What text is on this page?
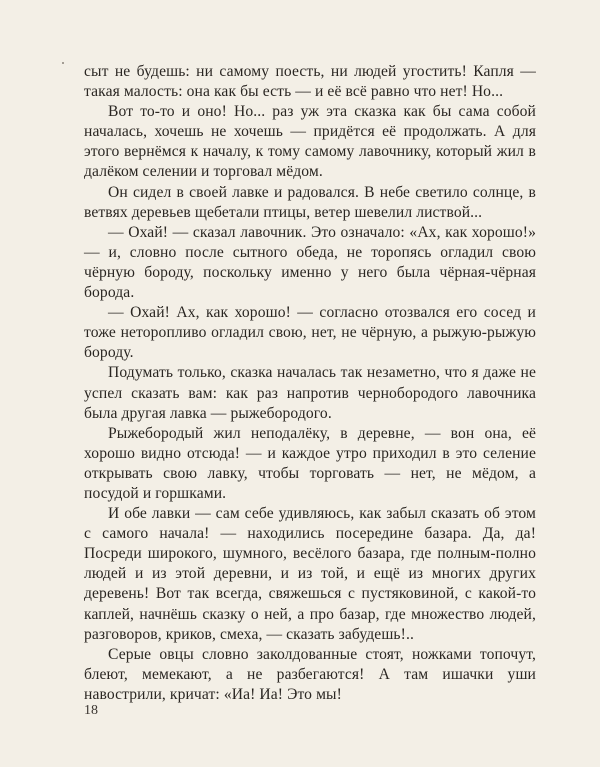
сыт не будешь: ни самому поесть, ни людей угостить! Капля — такая малость: она как бы есть — и её всё равно что нет! Но...

Вот то-то и оно! Но... раз уж эта сказка как бы сама собой началась, хочешь не хочешь — придётся её продолжать. А для этого вернёмся к началу, к тому самому лавочнику, который жил в далёком селении и торговал мёдом.

Он сидел в своей лавке и радовался. В небе светило солнце, в ветвях деревьев щебетали птицы, ветер шевелил листвой...

— Охай! — сказал лавочник. Это означало: «Ах, как хорошо!» — и, словно после сытного обеда, не торопясь огладил свою чёрную бороду, поскольку именно у него была чёрная-чёрная борода.

— Охай! Ах, как хорошо! — согласно отозвался его сосед и тоже неторопливо огладил свою, нет, не чёрную, а рыжую-рыжую бороду.

Подумать только, сказка началась так незаметно, что я даже не успел сказать вам: как раз напротив чернобородого лавочника была другая лавка — рыжебородого.

Рыжебородый жил неподалёку, в деревне, — вон она, её хорошо видно отсюда! — и каждое утро приходил в это селение открывать свою лавку, чтобы торговать — нет, не мёдом, а посудой и горшками.

И обе лавки — сам себе удивляюсь, как забыл сказать об этом с самого начала! — находились посередине базара. Да, да! Посреди широкого, шумного, весёлого базара, где полным-полно людей и из этой деревни, и из той, и ещё из многих других деревень! Вот так всегда, свяжешься с пустяковиной, с какой-то каплей, начнёшь сказку о ней, а про базар, где множество людей, разговоров, криков, смеха, — сказать забудешь!..

Серые овцы словно заколдованные стоят, ножками топочут, блеют, мемекают, а не разбегаются! А там ишачки уши навострили, кричат: «Иа! Иа! Это мы!

18
